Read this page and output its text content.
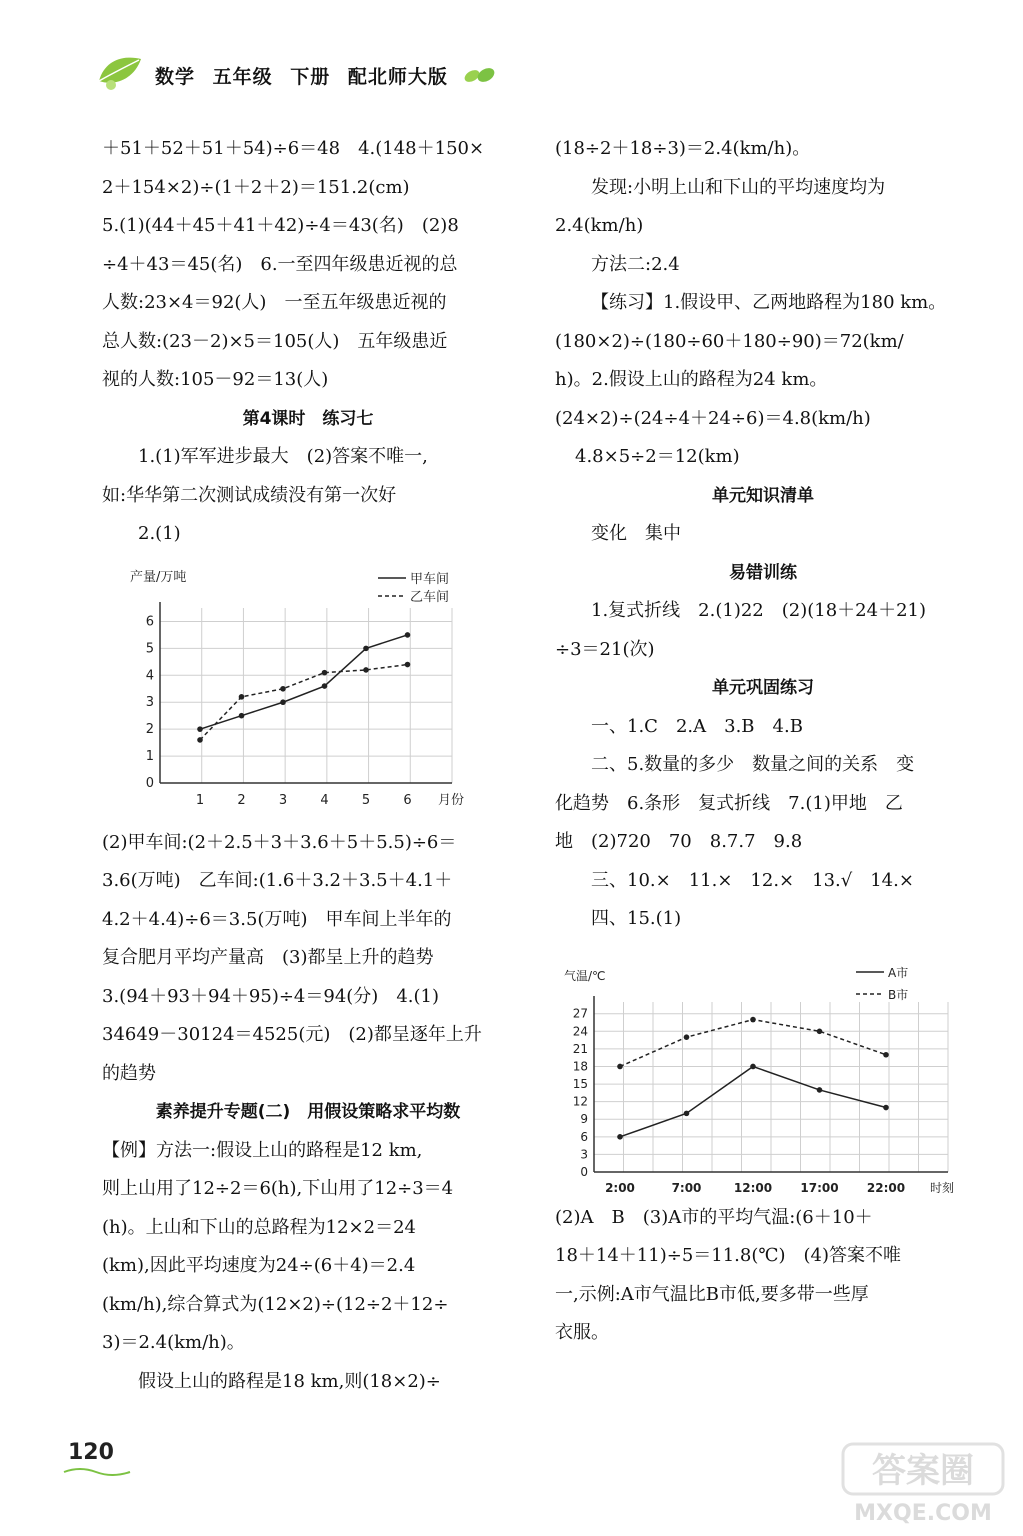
数学 五年级 下册 配北师大版
＋51＋52＋51＋54)÷6＝48　4.(148＋150×
2＋154×2)÷(1＋2＋2)＝151.2(cm)
5.(1)(44＋45＋41＋42)÷4＝43(名)　(2)8
÷4＋43＝45(名)　6.一至四年级患近视的总
人数:23×4＝92(人)　一至五年级患近视的
总人数:(23－2)×5＝105(人)　五年级患近
视的人数:105－92＝13(人)
第4课时　练习七
1.(1)军军进步最大　(2)答案不唯一,
如:华华第二次测试成绩没有第一次好
2.(1)
(2)甲车间:(2＋2.5＋3＋3.6＋5＋5.5)÷6＝
3.6(万吨)　乙车间:(1.6＋3.2＋3.5＋4.1＋
4.2＋4.4)÷6＝3.5(万吨)　甲车间上半年的
复合肥月平均产量高　(3)都呈上升的趋势
3.(94＋93＋94＋95)÷4＝94(分)　4.(1)
34649－30124＝4525(元)　(2)都呈逐年上升
的趋势
素养提升专题(二)　用假设策略求平均数
【例】方法一:假设上山的路程是12 km,
则上山用了12÷2＝6(h),下山用了12÷3＝4
(h)。上山和下山的总路程为12×2＝24
(km),因此平均速度为24÷(6＋4)＝2.4
(km/h),综合算式为(12×2)÷(12÷2＋12÷
3)＝2.4(km/h)。
假设上山的路程是18 km,则(18×2)÷
(18÷2＋18÷3)＝2.4(km/h)。
发现:小明上山和下山的平均速度均为
2.4(km/h)
方法二:2.4
【练习】1.假设甲、乙两地路程为180 km。
(180×2)÷(180÷60＋180÷90)＝72(km/
h)。2.假设上山的路程为24 km。
(24×2)÷(24÷4＋24÷6)＝4.8(km/h)
4.8×5÷2＝12(km)
单元知识清单
变化　集中
易错训练
1.复式折线　2.(1)22　(2)(18＋24＋21)
÷3＝21(次)
单元巩固练习
一、1.C　2.A　3.B　4.B
二、5.数量的多少　数量之间的关系　变
化趋势　6.条形　复式折线　7.(1)甲地　乙
地　(2)720　70　8.7.7　9.8
三、10.×　11.×　12.×　13.√　14.×
四、15.(1)
(2)A　B　(3)A市的平均气温:(6＋10＋
18＋14＋11)÷5＝11.8(℃)　(4)答案不唯
一,示例:A市气温比B市低,要多带一些厚
衣服。
0
1
2
3
4
5
6
1	2	3	4	5	6 月份
产量/万吨	甲车间
乙车间
0
3
6
9
12
15
18
21
24
27
2:00	7:00	12:00 17:00 22:00 时刻
气温/℃	A市
B市
120	答案圈
MXQE.COM
